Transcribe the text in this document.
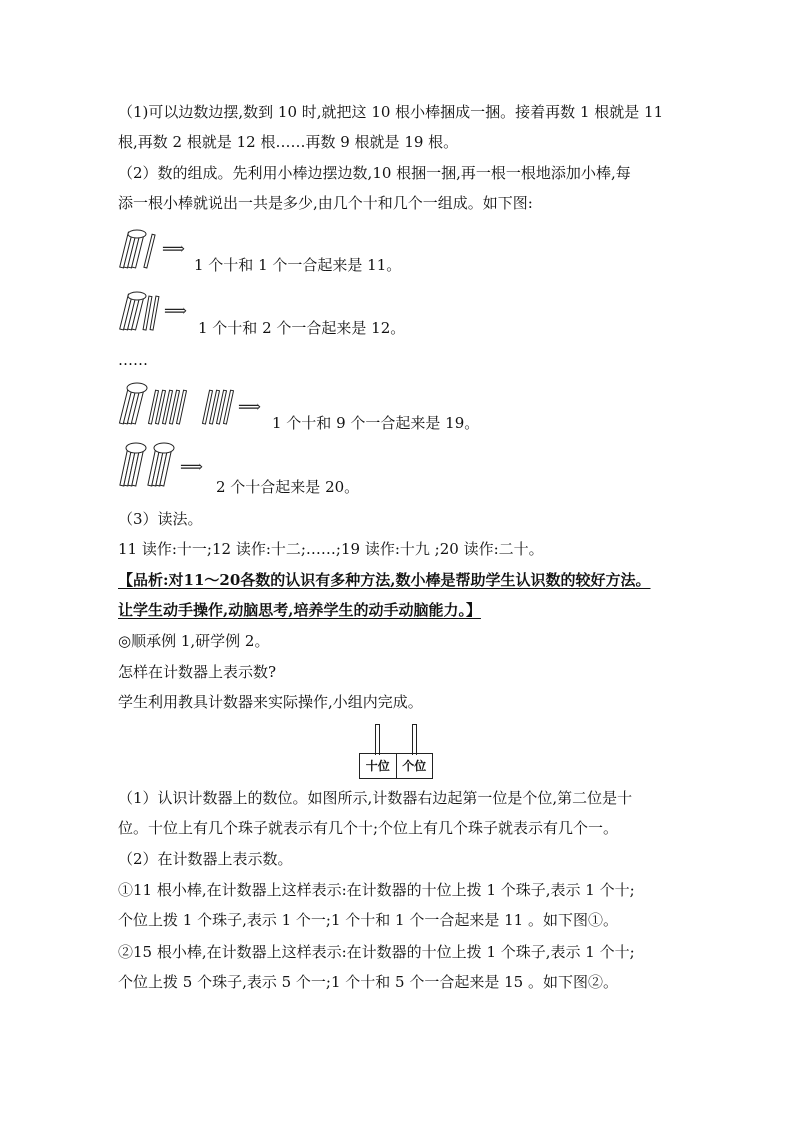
（1)可以边数边摆,数到 10 时,就把这 10 根小棒捆成一捆。接着再数 1 根就是 11
根,再数 2 根就是 12 根……再数 9 根就是 19 根。
（2）数的组成。先利用小棒边摆边数,10 根捆一捆,再一根一根地添加小棒,每
添一根小棒就说出一共是多少,由几个十和几个一组成。如下图:
⟹
1 个十和 1 个一合起来是 11。
⟹
1 个十和 2 个一合起来是 12。
……
⟹
1 个十和 9 个一合起来是 19。
⟹
2 个十合起来是 20。
（3）读法。
11 读作:十一;12 读作:十二;……;19 读作:十九 ;20 读作:二十。
【品析:对11～20各数的认识有多种方法,数小棒是帮助学生认识数的较好方法。
让学生动手操作,动脑思考,培养学生的动手动脑能力。】
◎顺承例 1,研学例 2。
怎样在计数器上表示数?
学生利用教具计数器来实际操作,小组内完成。
十位	个位
（1）认识计数器上的数位。如图所示,计数器右边起第一位是个位,第二位是十
位。十位上有几个珠子就表示有几个十;个位上有几个珠子就表示有几个一。
（2）在计数器上表示数。
①11 根小棒,在计数器上这样表示:在计数器的十位上拨 1 个珠子,表示 1 个十;
个位上拨 1 个珠子,表示 1 个一;1 个十和 1 个一合起来是 11 。如下图①。
②15 根小棒,在计数器上这样表示:在计数器的十位上拨 1 个珠子,表示 1 个十;
个位上拨 5 个珠子,表示 5 个一;1 个十和 5 个一合起来是 15 。如下图②。
